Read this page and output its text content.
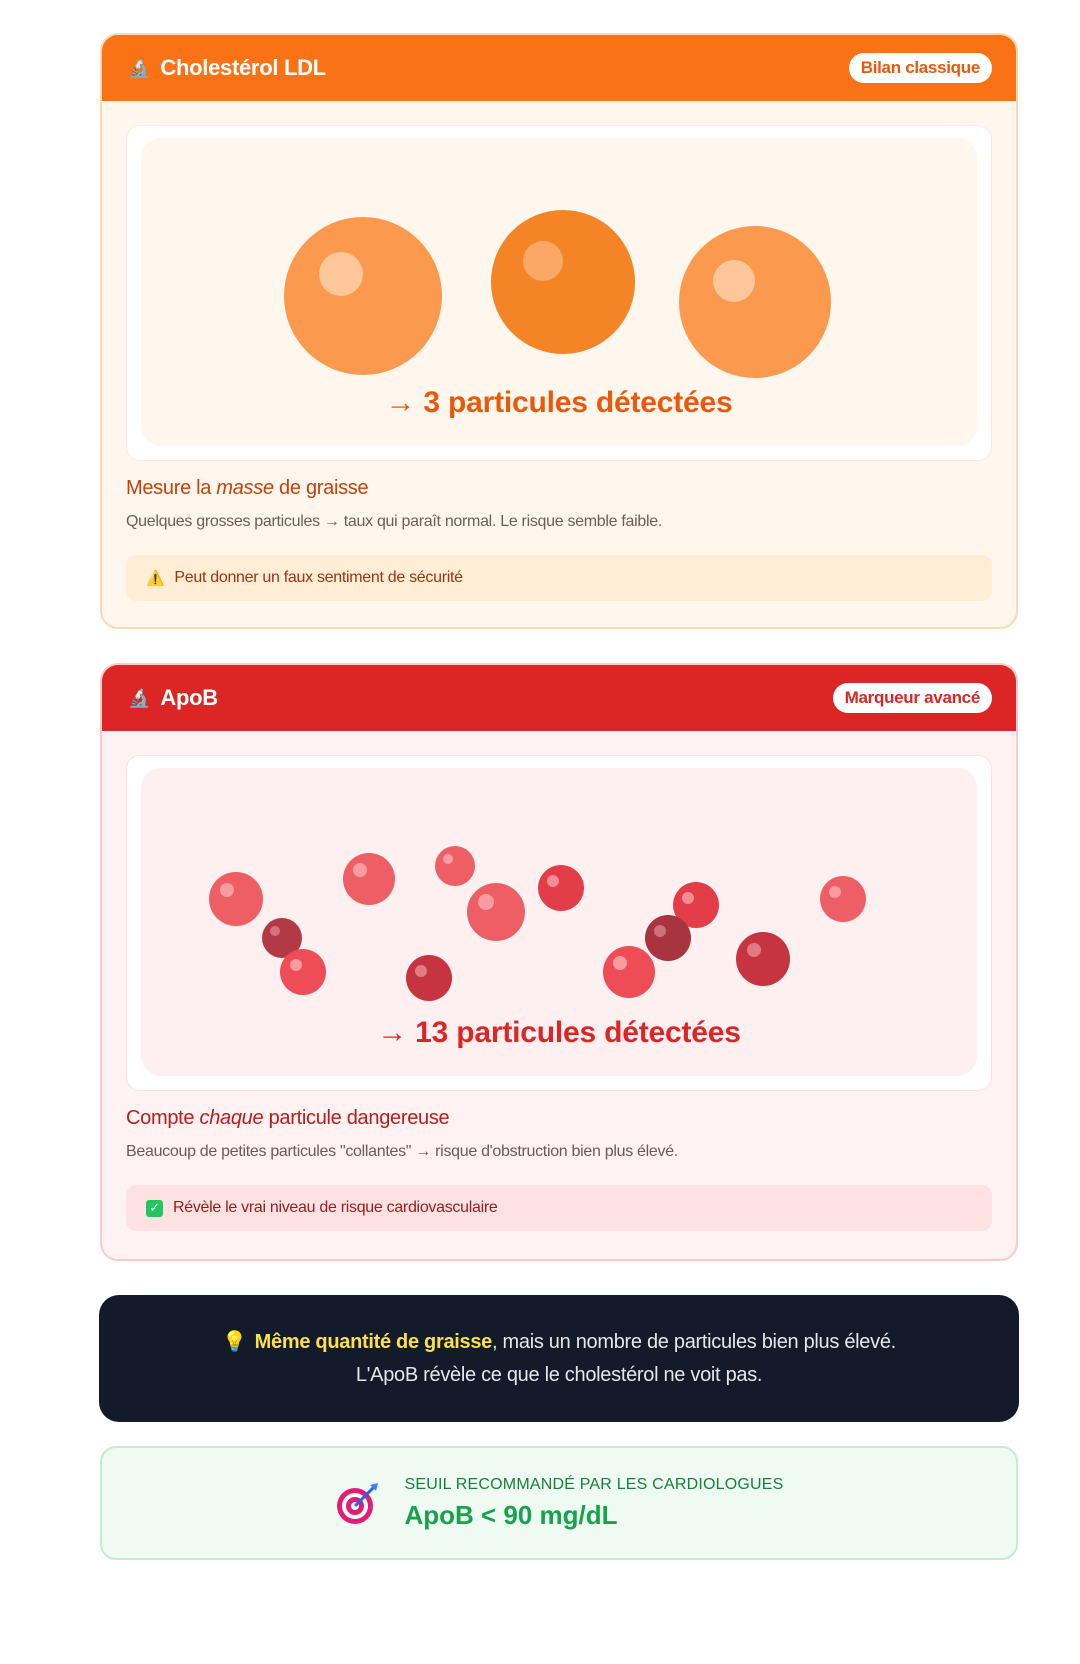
🔬 Cholestérol LDL	Bilan classique
→ 3 particules détectées
Mesure la masse de graisse
Quelques grosses particules → taux qui paraît normal. Le risque semble faible.
⚠️ Peut donner un faux sentiment de sécurité
🔬 ApoB	Marqueur avancé
→ 13 particules détectées
Compte chaque particule dangereuse
Beaucoup de petites particules "collantes" → risque d'obstruction bien plus élevé.
✓ Révèle le vrai niveau de risque cardiovasculaire
💡 Même quantité de graisse, mais un nombre de particules bien plus élevé.
L'ApoB révèle ce que le cholestérol ne voit pas.
SEUIL RECOMMANDÉ PAR LES CARDIOLOGUES
ApoB < 90 mg/dL
